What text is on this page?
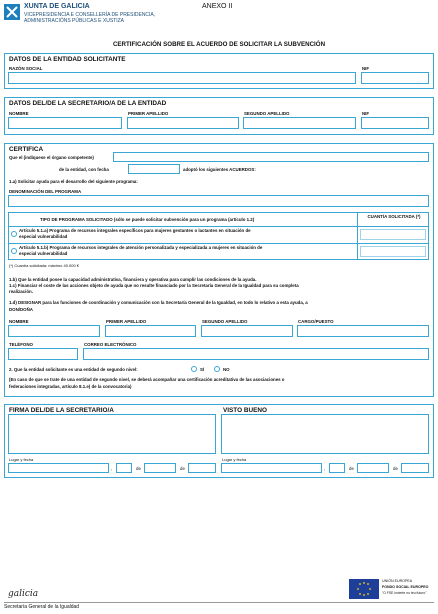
XUNTA DE GALICIA
VICEPRESIDENCIA E CONSELLERÍA DE PRESIDENCIA,
ADMINISTRACIÓNS PÚBLICAS E XUSTIZA
ANEXO II
CERTIFICACIÓN SOBRE EL ACUERDO DE SOLICITAR LA SUBVENCIÓN
DATOS DE LA ENTIDAD SOLICITANTE
RAZÓN SOCIAL	NIF
DATOS DEL/DE LA SECRETARIO/A DE LA ENTIDAD
NOMBRE	PRIMER APELLIDO	SEGUNDO APELLIDO	NIF
CERTIFICA
Que el (indíquese el órgano competente)
de la entidad, con fecha	adoptó los siguientes ACUERDOS:
1.a) Solicitar ayuda para el desarrollo del siguiente programa:
DENOMINACIÓN DEL PROGRAMA
TIPO DE PROGRAMA SOLICITADO (sólo se puede solicitar subvención para un programa (artículo 1.2)
CUANTÍA SOLICITADA (*)
Artículo 5.1.a) Programa de recursos integrales específicos para mujeres gestantes o lactantes en situación de
especial vulnerabilidad
Artículo 5.1.b) Programa de recursos integrales de atención personalizada y especializada a mujeres en situación de
especial vulnerabilidad
(*) Cuantía solicitada: máximo 40.000 €
1.b) Que la entidad posee la capacidad administrativa, financiera y operativa para cumplir las condiciones de la ayuda.
1.c) Financiar el coste de las acciones objeto de ayuda que no resulte financiado por la Secretaría General de la Igualdad para su completa
realización.
1.d) DESIGNAR para las funciones de coordinación y comunicación con la Secretaría General de la Igualdad, en todo lo relativo a esta ayuda, a
DON/DOÑA
NOMBRE	PRIMER APELLIDO	SEGUNDO APELLIDO	CARGO/PUESTO
TELÉFONO	CORREO ELECTRÓNICO
2. Que la entidad solicitante es una entidad de segundo nivel:	SÍ	NO
(En caso de que se trate de una entidad de segundo nivel, se deberá acompañar una certificación acreditativa de las asociaciones o
federaciones integradas, artículo 8.1.e) de la convocatoria)
FIRMA DEL/DE LA SECRETARIO/A	VISTO BUENO
Lugar y fecha
,	de	de
Lugar y fecha
,	de	de
galicia
UNIÓN EUROPEA
FONDO SOCIAL EUROPEO
"O FSE invierte no teu futuro"
Secretaría General de la Igualdad
